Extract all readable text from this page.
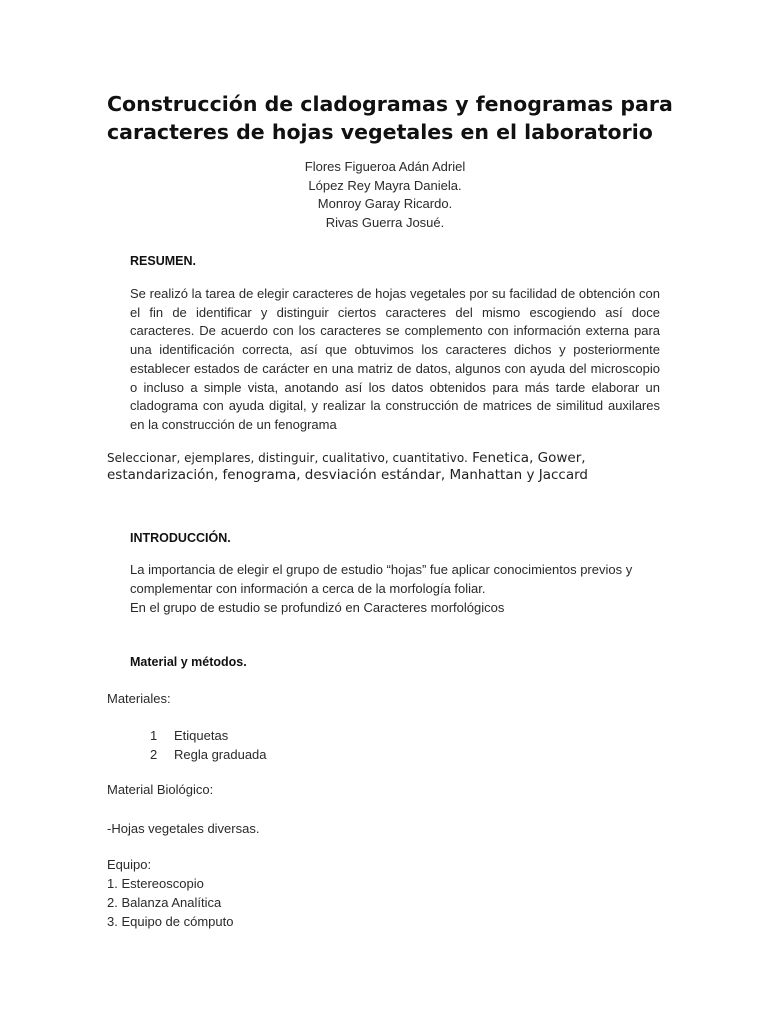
Construcción de cladogramas y fenogramas para caracteres de hojas vegetales en el laboratorio
Flores Figueroa Adán Adriel
López Rey Mayra Daniela.
Monroy Garay Ricardo.
Rivas Guerra Josué.
RESUMEN.

Se realizó la tarea de elegir caracteres de hojas vegetales por su facilidad de obtención con el fin de identificar y distinguir ciertos caracteres del mismo escogiendo así doce caracteres. De acuerdo con los caracteres se complemento con información externa para una identificación correcta, así que obtuvimos los caracteres dichos y posteriormente establecer estados de carácter en una matriz de datos, algunos con ayuda del microscopio o incluso a simple vista, anotando así los datos obtenidos para más tarde elaborar un cladograma con ayuda digital, y realizar la construcción de matrices de similitud auxilares en la construcción de un fenograma

Seleccionar, ejemplares, distinguir, cualitativo, cuantitativo. Fenetica, Gower,
estandarización, fenograma, desviación estándar, Manhattan y Jaccard

INTRODUCCIÓN.

La importancia de elegir el grupo de estudio “hojas” fue aplicar conocimientos previos y complementar con información a cerca de la morfología foliar.

En el grupo de estudio se profundizó en Caracteres morfológicos

Material y métodos.

Materiales:

1	Etiquetas
2	Regla graduada

Material Biológico:

-Hojas vegetales diversas.

Equipo:

1. Estereoscopio

2. Balanza Analítica

3. Equipo de cómputo
